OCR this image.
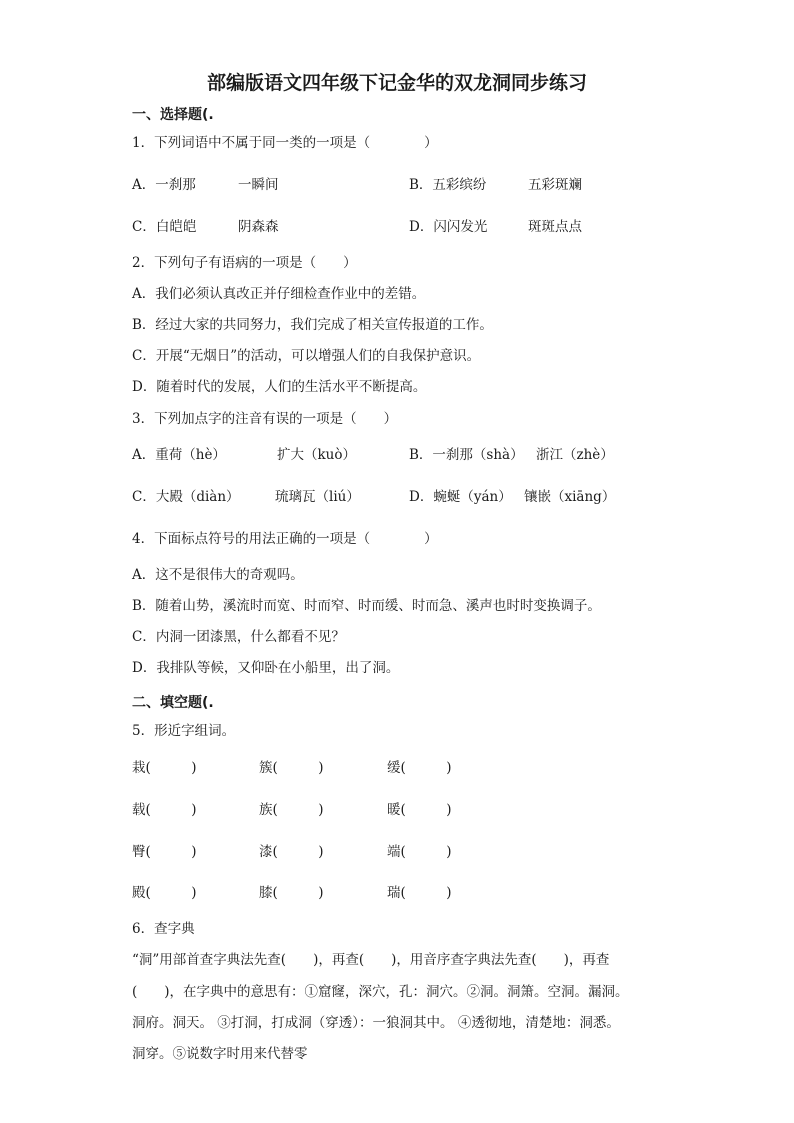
部编版语文四年级下记金华的双龙洞同步练习
一、选择题(.
1．下列词语中不属于同一类的一项是（　　　　）
A．一刹那	一瞬间	B．五彩缤纷	五彩斑斓
C．白皑皑	阴森森	D．闪闪发光	斑斑点点
2．下列句子有语病的一项是（　　）
A．我们必须认真改正并仔细检查作业中的差错。
B．经过大家的共同努力，我们完成了相关宣传报道的工作。
C．开展“无烟日”的活动，可以增强人们的自我保护意识。
D．随着时代的发展，人们的生活水平不断提高。
3．下列加点字的注音有误的一项是（　　）
A．重荷（hè）	扩大（kuò）	B．一刹那（shà） 浙江（zhè）
C．大殿（diàn）	琉璃瓦（liú）	D．蜿蜒（yán） 镶嵌（xiāng）
4．下面标点符号的用法正确的一项是（　　　　）
A．这不是很伟大的奇观吗。
B．随着山势，溪流时而宽、时而窄、时而缓、时而急、溪声也时时变换调子。
C．内洞一团漆黑，什么都看不见？
D．我排队等候，又仰卧在小船里，出了洞。
二、填空题(.
5．形近字组词。
栽(　　　)	簇(　　　)	缓(　　　)
载(　　　)	族(　　　)	暖(　　　)
臀(　　　)	漆(　　　)	端(　　　)
殿(　　　)	膝(　　　)	瑞(　　　)
6．查字典
“洞”用部首查字典法先查(　　)，再查(　　)，用音序查字典法先查(　　)，再查
(　　)，在字典中的意思有：①窟窿，深穴，孔：洞穴。②洞。洞箫。空洞。漏洞。
洞府。洞天。 ③打洞，打成洞（穿透）：一狼洞其中。 ④透彻地，清楚地：洞悉。
洞穿。⑤说数字时用来代替零
